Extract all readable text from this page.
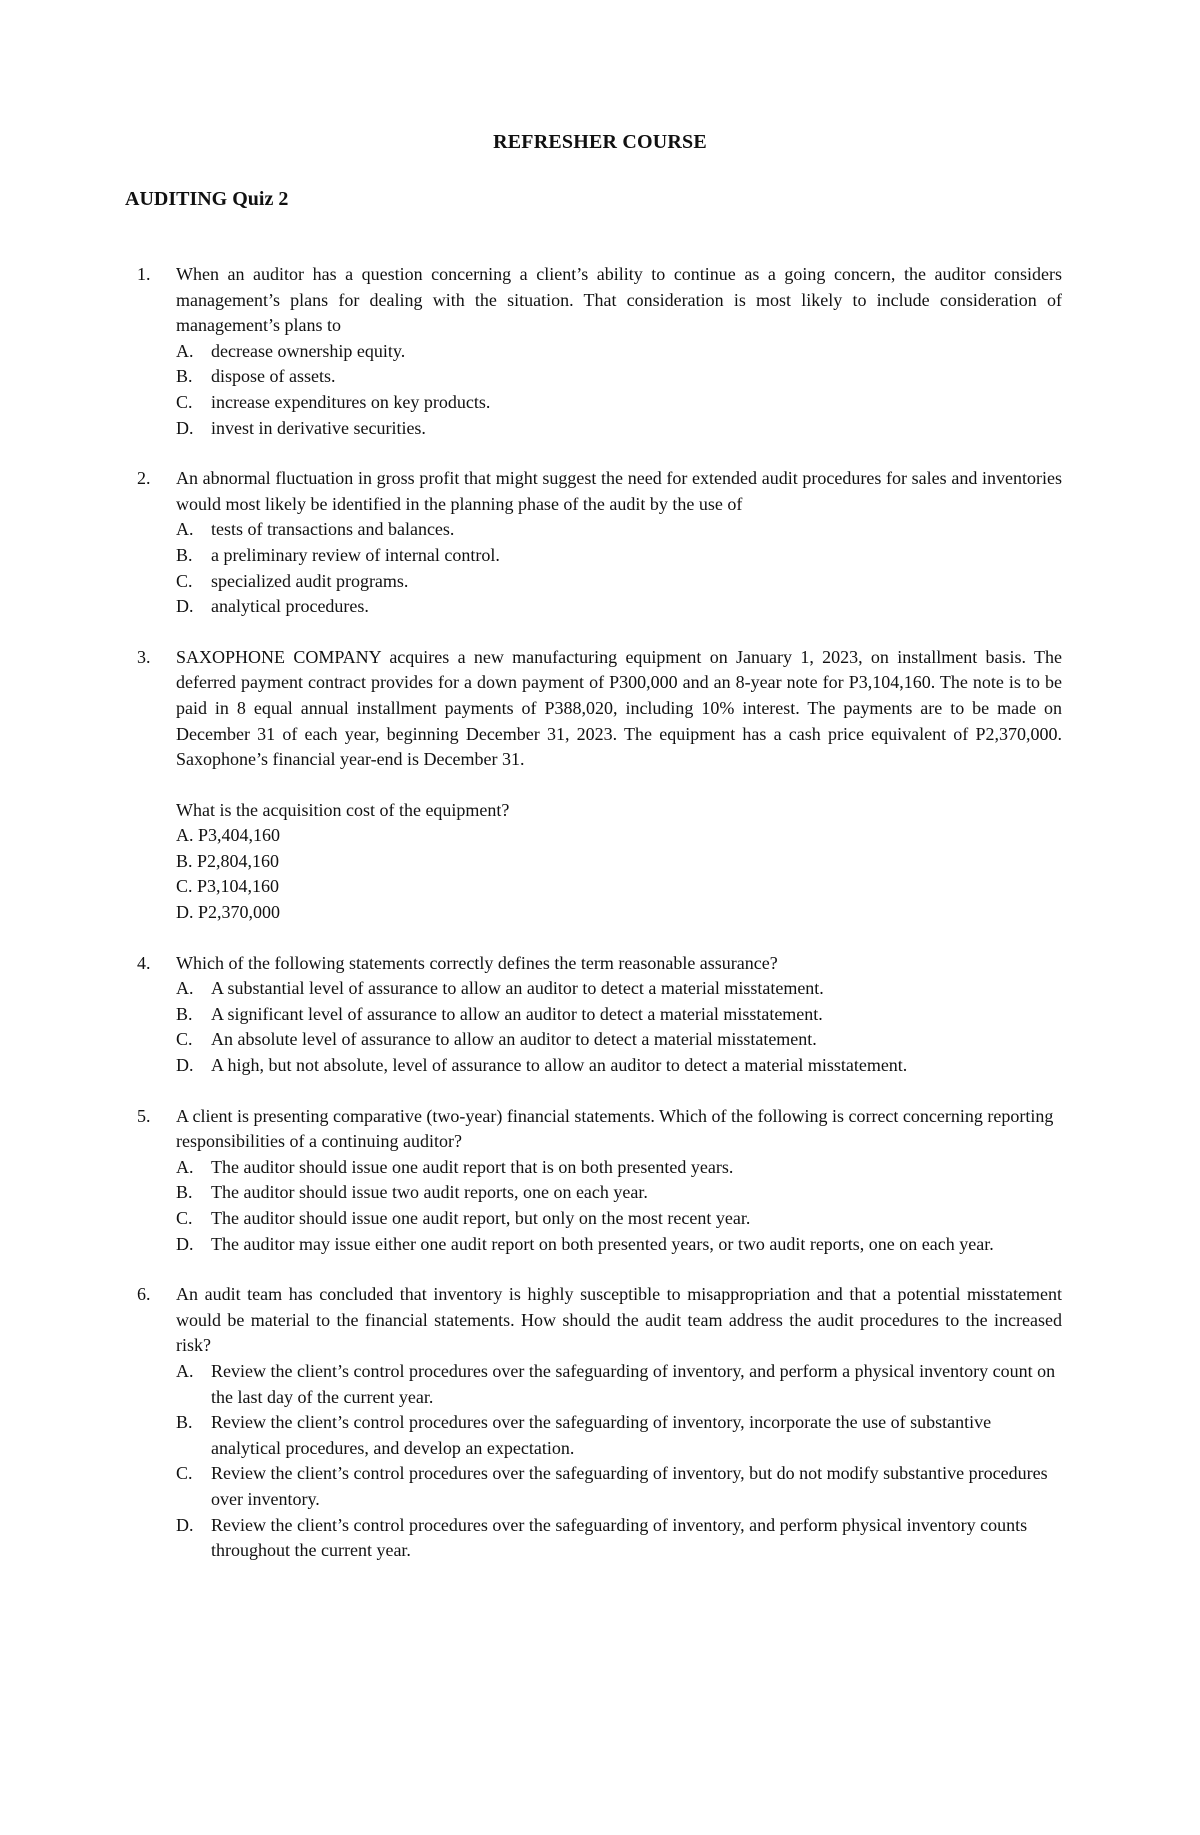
REFRESHER COURSE
AUDITING Quiz 2
1. When an auditor has a question concerning a client’s ability to continue as a going concern, the auditor considers management’s plans for dealing with the situation. That consideration is most likely to include consideration of management’s plans to
A. decrease ownership equity.
B. dispose of assets.
C. increase expenditures on key products.
D. invest in derivative securities.
2. An abnormal fluctuation in gross profit that might suggest the need for extended audit procedures for sales and inventories would most likely be identified in the planning phase of the audit by the use of
A. tests of transactions and balances.
B. a preliminary review of internal control.
C. specialized audit programs.
D. analytical procedures.
3. SAXOPHONE COMPANY acquires a new manufacturing equipment on January 1, 2023, on installment basis. The deferred payment contract provides for a down payment of P300,000 and an 8-year note for P3,104,160. The note is to be paid in 8 equal annual installment payments of P388,020, including 10% interest. The payments are to be made on December 31 of each year, beginning December 31, 2023. The equipment has a cash price equivalent of P2,370,000. Saxophone’s financial year-end is December 31.
What is the acquisition cost of the equipment?
A. P3,404,160
B. P2,804,160
C. P3,104,160
D. P2,370,000
4. Which of the following statements correctly defines the term reasonable assurance?
A. A substantial level of assurance to allow an auditor to detect a material misstatement.
B. A significant level of assurance to allow an auditor to detect a material misstatement.
C. An absolute level of assurance to allow an auditor to detect a material misstatement.
D. A high, but not absolute, level of assurance to allow an auditor to detect a material misstatement.
5. A client is presenting comparative (two-year) financial statements. Which of the following is correct concerning reporting responsibilities of a continuing auditor?
A. The auditor should issue one audit report that is on both presented years.
B. The auditor should issue two audit reports, one on each year.
C. The auditor should issue one audit report, but only on the most recent year.
D. The auditor may issue either one audit report on both presented years, or two audit reports, one on each year.
6. An audit team has concluded that inventory is highly susceptible to misappropriation and that a potential misstatement would be material to the financial statements. How should the audit team address the audit procedures to the increased risk?
A. Review the client’s control procedures over the safeguarding of inventory, and perform a physical inventory count on the last day of the current year.
B. Review the client’s control procedures over the safeguarding of inventory, incorporate the use of substantive analytical procedures, and develop an expectation.
C. Review the client’s control procedures over the safeguarding of inventory, but do not modify substantive procedures over inventory.
D. Review the client’s control procedures over the safeguarding of inventory, and perform physical inventory counts throughout the current year.
